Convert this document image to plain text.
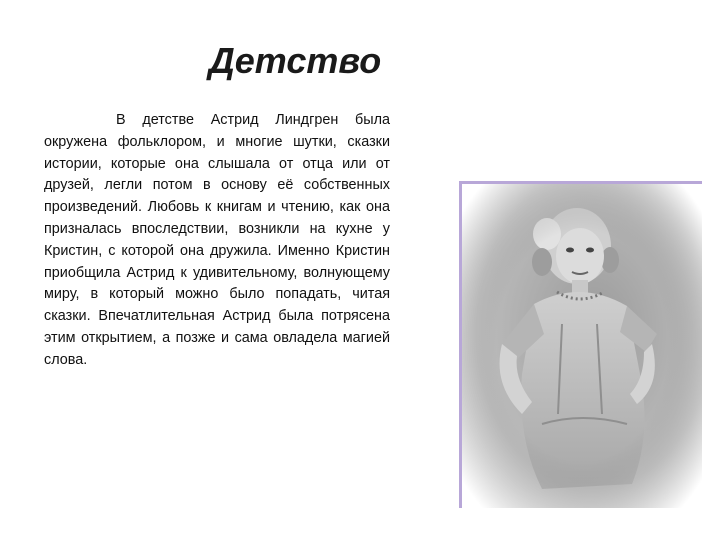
Детство

В детстве Астрид Линдгрен была окружена фольклором, и многие шутки, сказки истории, которые она слышала от отца или от друзей, легли потом в основу её собственных произведений. Любовь к книгам и чтению, как она призналась впоследствии, возникли на кухне у Кристин, с которой она дружила. Именно Кристин приобщила Астрид к удивительному, волнующему миру, в который можно было попадать, читая сказки. Впечатлительная Астрид была потрясена этим открытием, а позже и сама овладела магией слова.
